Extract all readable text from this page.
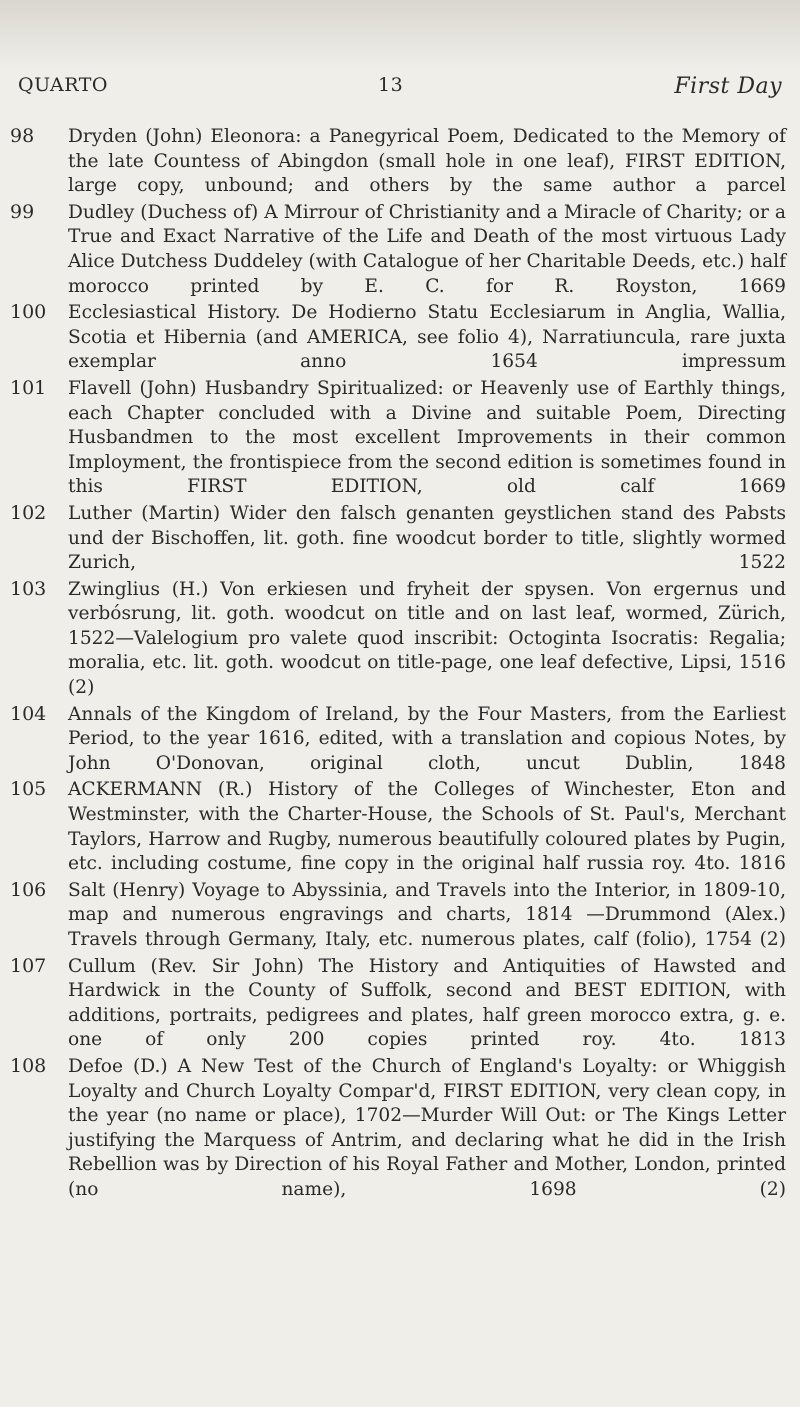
QUARTO	13	First Day
98	Dryden (John) Eleonora: a Panegyrical Poem, Dedicated to the Memory of the late Countess of Abingdon (small hole in one leaf), FIRST EDITION, large copy, unbound; and others by the same author a parcel
99	Dudley (Duchess of) A Mirrour of Christianity and a Miracle of Charity; or a True and Exact Narrative of the Life and Death of the most virtuous Lady Alice Dutchess Duddeley (with Catalogue of her Charitable Deeds, etc.) half morocco printed by E. C. for R. Royston, 1669
100	Ecclesiastical History. De Hodierno Statu Ecclesiarum in Anglia, Wallia, Scotia et Hibernia (and AMERICA, see folio 4), Narratiuncula, rare juxta exemplar anno 1654 impressum
101	Flavell (John) Husbandry Spiritualized: or Heavenly use of Earthly things, each Chapter concluded with a Divine and suitable Poem, Directing Husbandmen to the most excellent Improvements in their common Imployment, the frontispiece from the second edition is sometimes found in this FIRST EDITION, old calf 1669
102	Luther (Martin) Wider den falsch genanten geystlichen stand des Pabsts und der Bischoffen, lit. goth. fine woodcut border to title, slightly wormed Zurich, 1522
103	Zwinglius (H.) Von erkiesen und fryheit der spysen. Von ergernus und verbósrung, lit. goth. woodcut on title and on last leaf, wormed, Zürich, 1522—Valelogium pro valete quod inscribit: Octoginta Isocratis: Regalia; moralia, etc. lit. goth. woodcut on title-page, one leaf defective, Lipsi, 1516 (2)
104	Annals of the Kingdom of Ireland, by the Four Masters, from the Earliest Period, to the year 1616, edited, with a translation and copious Notes, by John O'Donovan, original cloth, uncut Dublin, 1848
105	ACKERMANN (R.) History of the Colleges of Winchester, Eton and Westminster, with the Charter-House, the Schools of St. Paul's, Merchant Taylors, Harrow and Rugby, numerous beautifully coloured plates by Pugin, etc. including costume, fine copy in the original half russia roy. 4to. 1816
106	Salt (Henry) Voyage to Abyssinia, and Travels into the Interior, in 1809-10, map and numerous engravings and charts, 1814 —Drummond (Alex.) Travels through Germany, Italy, etc. numerous plates, calf (folio), 1754 (2)
107	Cullum (Rev. Sir John) The History and Antiquities of Hawsted and Hardwick in the County of Suffolk, second and BEST EDITION, with additions, portraits, pedigrees and plates, half green morocco extra, g. e. one of only 200 copies printed roy. 4to. 1813
108	Defoe (D.) A New Test of the Church of England's Loyalty: or Whiggish Loyalty and Church Loyalty Compar'd, FIRST EDITION, very clean copy, in the year (no name or place), 1702—Murder Will Out: or The Kings Letter justifying the Marquess of Antrim, and declaring what he did in the Irish Rebellion was by Direction of his Royal Father and Mother, London, printed (no name), 1698 (2)
